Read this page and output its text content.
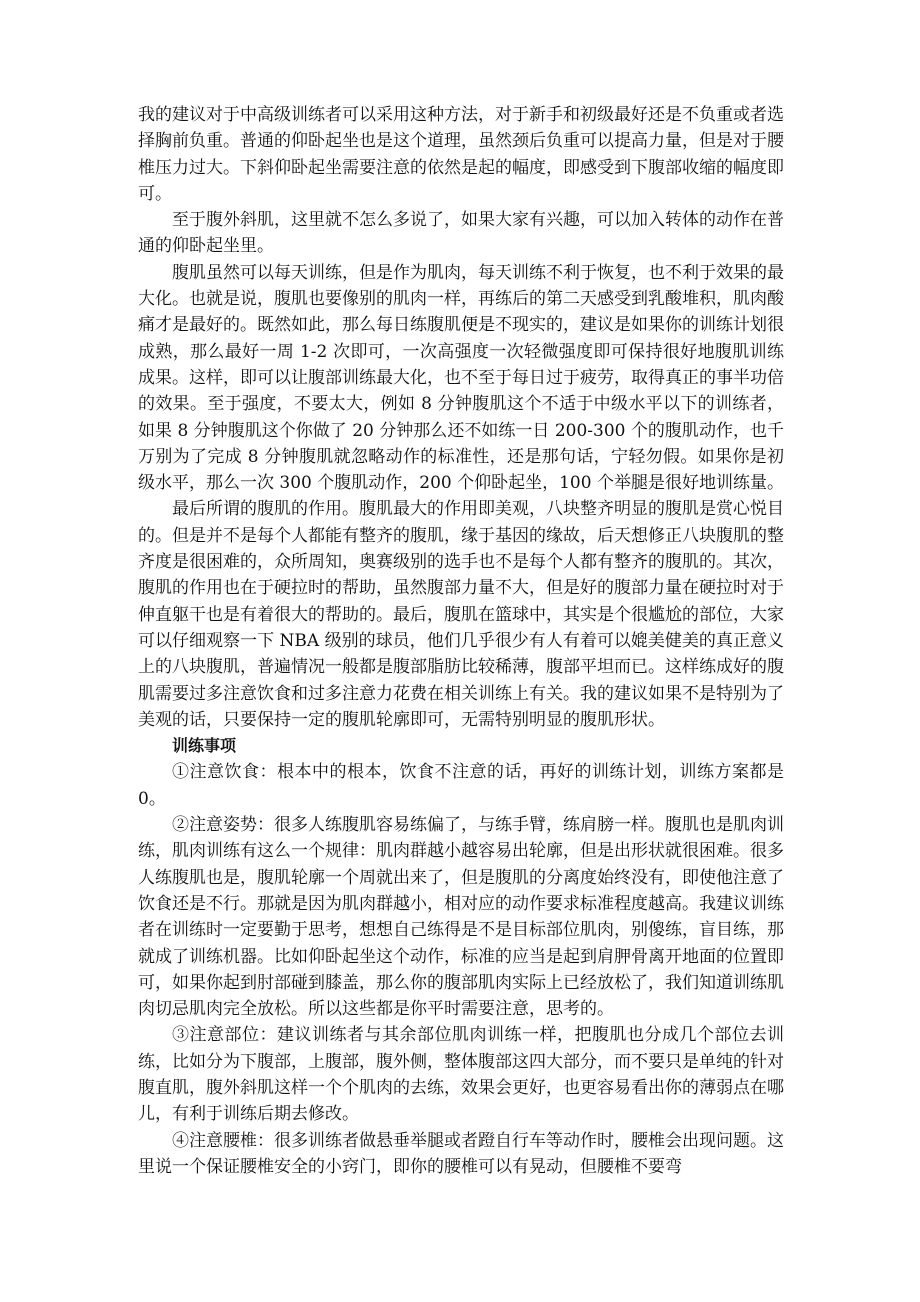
我的建议对于中高级训练者可以采用这种方法，对于新手和初级最好还是不负重或者选择胸前负重。普通的仰卧起坐也是这个道理，虽然颈后负重可以提高力量，但是对于腰椎压力过大。下斜仰卧起坐需要注意的依然是起的幅度，即感受到下腹部收缩的幅度即可。

至于腹外斜肌，这里就不怎么多说了，如果大家有兴趣，可以加入转体的动作在普通的仰卧起坐里。

腹肌虽然可以每天训练，但是作为肌肉，每天训练不利于恢复，也不利于效果的最大化。也就是说，腹肌也要像别的肌肉一样，再练后的第二天感受到乳酸堆积，肌肉酸痛才是最好的。既然如此，那么每日练腹肌便是不现实的，建议是如果你的训练计划很成熟，那么最好一周 1-2 次即可，一次高强度一次轻微强度即可保持很好地腹肌训练成果。这样，即可以让腹部训练最大化，也不至于每日过于疲劳，取得真正的事半功倍的效果。至于强度，不要太大，例如 8 分钟腹肌这个不适于中级水平以下的训练者，如果 8 分钟腹肌这个你做了 20 分钟那么还不如练一日 200-300 个的腹肌动作，也千万别为了完成 8 分钟腹肌就忽略动作的标准性，还是那句话，宁轻勿假。如果你是初级水平，那么一次 300 个腹肌动作，200 个仰卧起坐，100 个举腿是很好地训练量。

最后所谓的腹肌的作用。腹肌最大的作用即美观，八块整齐明显的腹肌是赏心悦目的。但是并不是每个人都能有整齐的腹肌，缘于基因的缘故，后天想修正八块腹肌的整齐度是很困难的，众所周知，奥赛级别的选手也不是每个人都有整齐的腹肌的。其次，腹肌的作用也在于硬拉时的帮助，虽然腹部力量不大，但是好的腹部力量在硬拉时对于伸直躯干也是有着很大的帮助的。最后，腹肌在篮球中，其实是个很尴尬的部位，大家可以仔细观察一下 NBA 级别的球员，他们几乎很少有人有着可以媲美健美的真正意义上的八块腹肌，普遍情况一般都是腹部脂肪比较稀薄，腹部平坦而已。这样练成好的腹肌需要过多注意饮食和过多注意力花费在相关训练上有关。我的建议如果不是特别为了美观的话，只要保持一定的腹肌轮廓即可，无需特别明显的腹肌形状。

训练事项

①注意饮食：根本中的根本，饮食不注意的话，再好的训练计划，训练方案都是 0。

②注意姿势：很多人练腹肌容易练偏了，与练手臂，练肩膀一样。腹肌也是肌肉训练，肌肉训练有这么一个规律：肌肉群越小越容易出轮廓，但是出形状就很困难。很多人练腹肌也是，腹肌轮廓一个周就出来了，但是腹肌的分离度始终没有，即使他注意了饮食还是不行。那就是因为肌肉群越小，相对应的动作要求标准程度越高。我建议训练者在训练时一定要勤于思考，想想自己练得是不是目标部位肌肉，别傻练，盲目练，那就成了训练机器。比如仰卧起坐这个动作，标准的应当是起到肩胛骨离开地面的位置即可，如果你起到肘部碰到膝盖，那么你的腹部肌肉实际上已经放松了，我们知道训练肌肉切忌肌肉完全放松。所以这些都是你平时需要注意，思考的。

③注意部位：建议训练者与其余部位肌肉训练一样，把腹肌也分成几个部位去训练，比如分为下腹部，上腹部，腹外侧，整体腹部这四大部分，而不要只是单纯的针对腹直肌，腹外斜肌这样一个个肌肉的去练，效果会更好，也更容易看出你的薄弱点在哪儿，有利于训练后期去修改。

④注意腰椎：很多训练者做悬垂举腿或者蹬自行车等动作时，腰椎会出现问题。这里说一个保证腰椎安全的小窍门，即你的腰椎可以有晃动，但腰椎不要弯
